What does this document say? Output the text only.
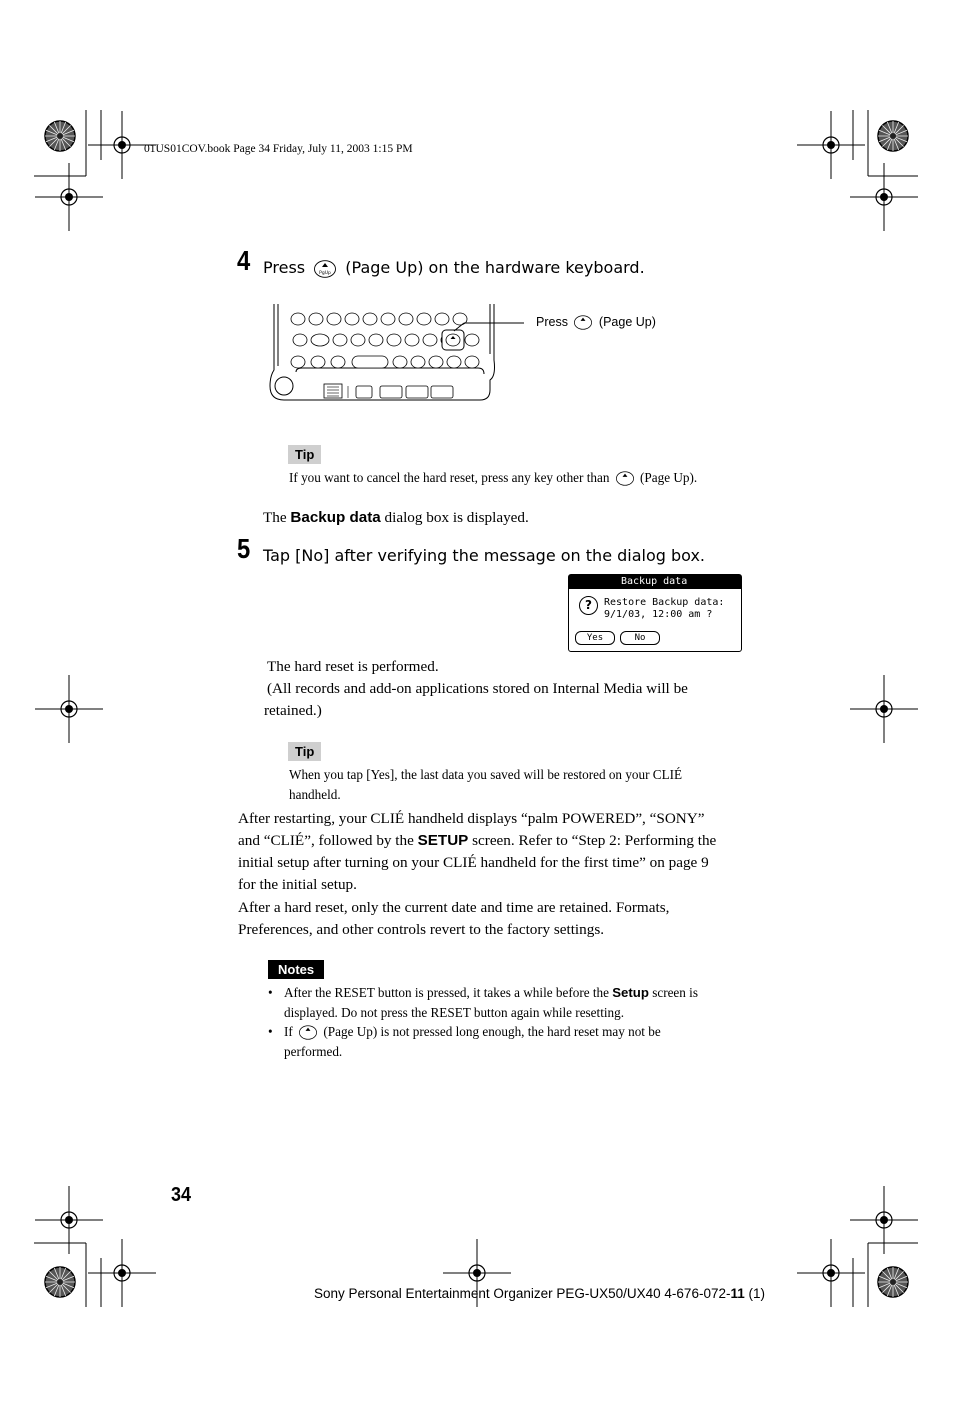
01US01COV.book Page 34 Friday, July 11, 2003 1:15 PM
4 Press	PgUp (Page Up) on the hardware keyboard.
Press (Page Up)
Tip
If you want to cancel the hard reset, press any key other than (Page Up).
The Backup data dialog box is displayed.
5 Tap [No] after verifying the message on the dialog box.
Backup data
?	Restore Backup data:
9/1/03, 12:00 am ?
Yes	No
The hard reset is performed.
(All records and add-on applications stored on Internal Media will be
retained.)
Tip
When you tap [Yes], the last data you saved will be restored on your CLIÉ
handheld.
After restarting, your CLIÉ handheld displays “palm POWERED”, “SONY”
and “CLIÉ”, followed by the SETUP screen. Refer to “Step 2: Performing the
initial setup after turning on your CLIÉ handheld for the first time” on page 9
for the initial setup.
After a hard reset, only the current date and time are retained. Formats,
Preferences, and other controls revert to the factory settings.
Notes
• After the RESET button is pressed, it takes a while before the Setup screen is
displayed. Do not press the RESET button again while resetting.
• If (Page Up) is not pressed long enough, the hard reset may not be
performed.
34
Sony Personal Entertainment Organizer PEG-UX50/UX40 4-676-072-11 (1)
